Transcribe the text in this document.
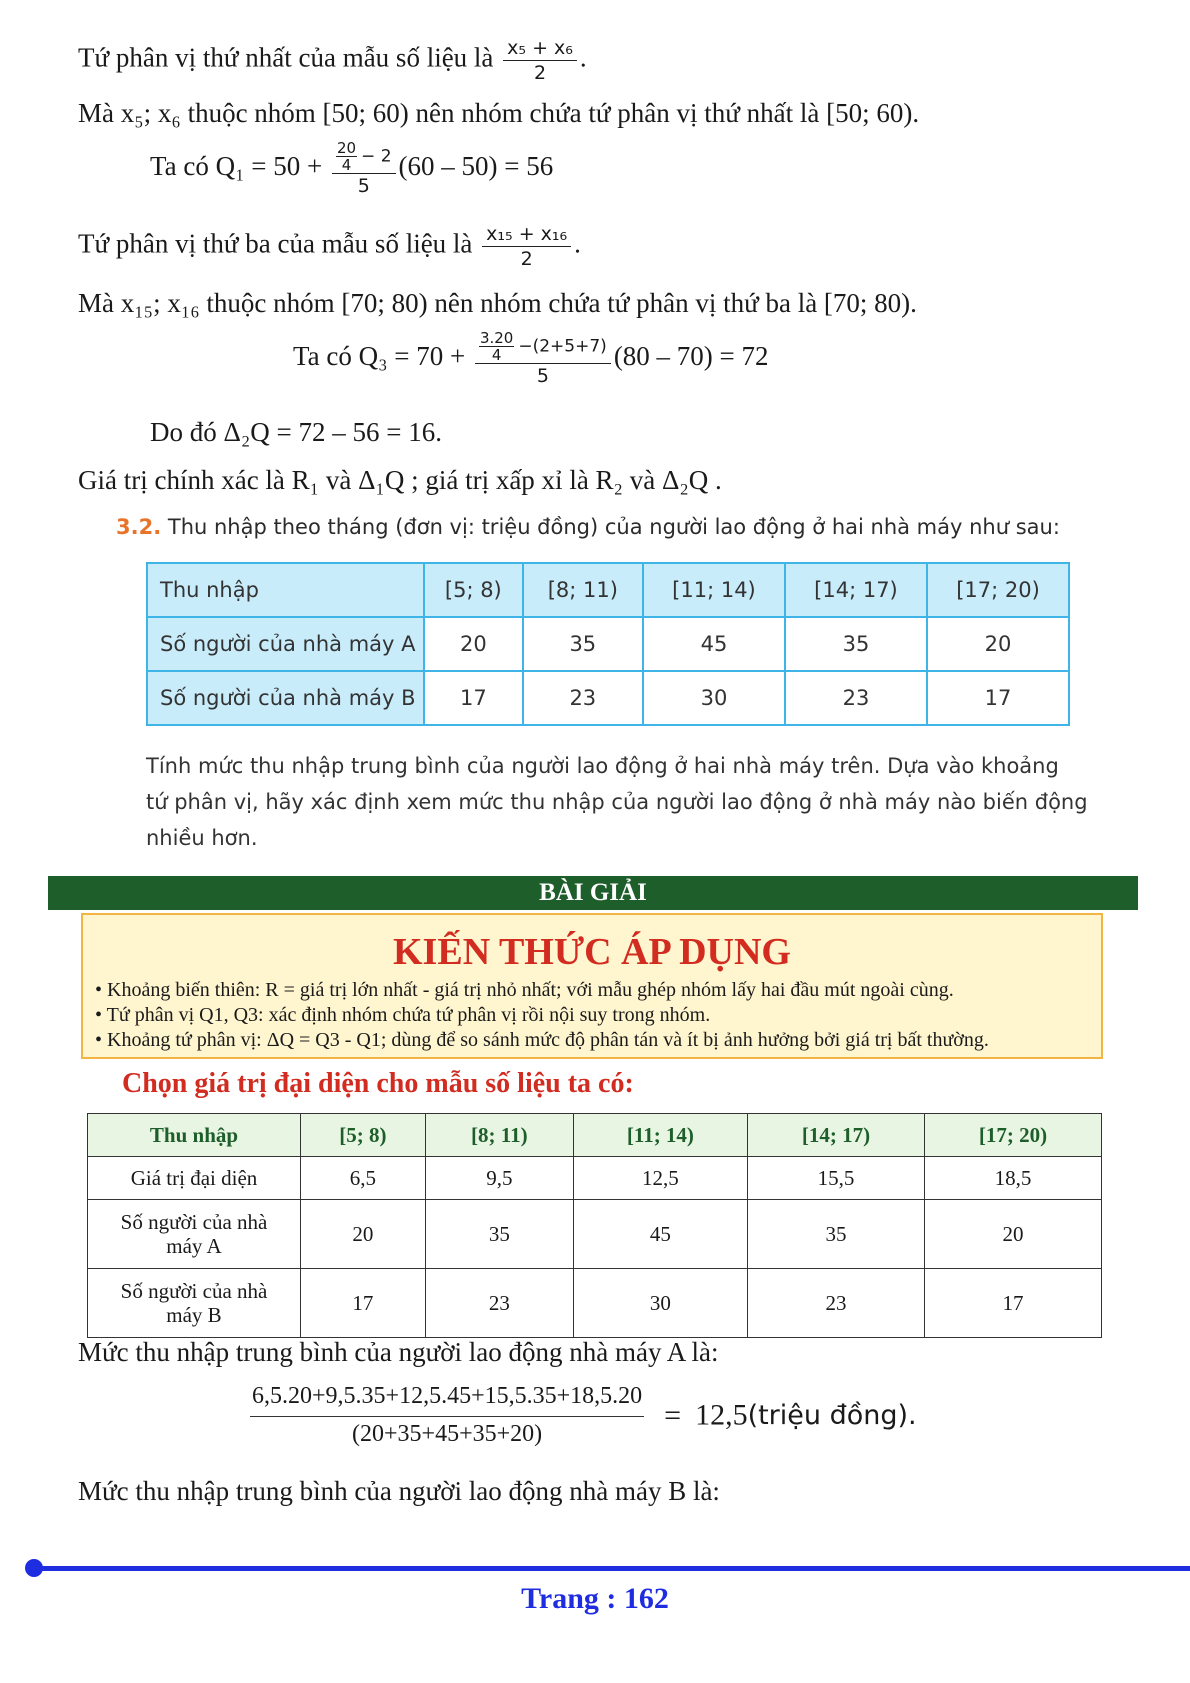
Tứ phân vị thứ nhất của mẫu số liệu là $\frac{\text{x₅ + x₆}}{2}$ .
Mà x₅; x₆ thuộc nhóm [50; 60) nên nhóm chứa tứ phân vị thứ nhất là [50; 60).
Ta có $Q_1 = 50 + \frac{\frac{20}{4} - 2}{5} (60 - 50) = 56$
Tứ phân vị thứ ba của mẫu số liệu là $\frac{\text{x₁₅ + x₁₆}}{2}$ .
Mà x₁₅; x₁₆ thuộc nhóm [70; 80) nên nhóm chứa tứ phân vị thứ ba là [70; 80).
Ta có $Q_3 = 70 + \frac{\frac{3.20}{4} -(2+5+7)}{5} (80 - 70) = 72$
Do đó Δ₂Q = 72 – 56 = 16.
Giá trị chính xác là R₁ và Δ₁Q ; giá trị xấp xỉ là R₂ và Δ₂Q .
3.2. Thu nhập theo tháng (đơn vị: triệu đồng) của người lao động ở hai nhà máy như sau:
Thu nhập	[5; 8)	[8; 11)	[11; 14)	[14; 17)	[17; 20)
Số người của nhà máy A	20	35	45	35	20
Số người của nhà máy B	17	23	30	23	17
Tính mức thu nhập trung bình của người lao động ở hai nhà máy trên. Dựa vào khoảng
tứ phân vị, hãy xác định xem mức thu nhập của người lao động ở nhà máy nào biến động
nhiều hơn.
BÀI GIẢI
KIẾN THỨC ÁP DỤNG
• Khoảng biến thiên: R = giá trị lớn nhất - giá trị nhỏ nhất; với mẫu ghép nhóm lấy hai đầu mút ngoài cùng.
• Tứ phân vị Q1, Q3: xác định nhóm chứa tứ phân vị rồi nội suy trong nhóm.
• Khoảng tứ phân vị: ΔQ = Q3 - Q1; dùng để so sánh mức độ phân tán và ít bị ảnh hưởng bởi giá trị bất thường.
Chọn giá trị đại diện cho mẫu số liệu ta có:
Thu nhập	[5; 8)	[8; 11)	[11; 14)	[14; 17)	[17; 20)
Giá trị đại diện	6,5	9,5	12,5	15,5	18,5

Số người của nhà
máy A	20	35	45	35	20

Số người của nhà
máy B	17	23	30	23	17
Mức thu nhập trung bình của người lao động nhà máy A là:
$\frac{6,5.20+9,5.35+12,5.45+15,5.35+18,5.20}{(20+35+45+35+20)}$ = 12,5(triệu đồng).
Mức thu nhập trung bình của người lao động nhà máy B là:
Trang : 162
